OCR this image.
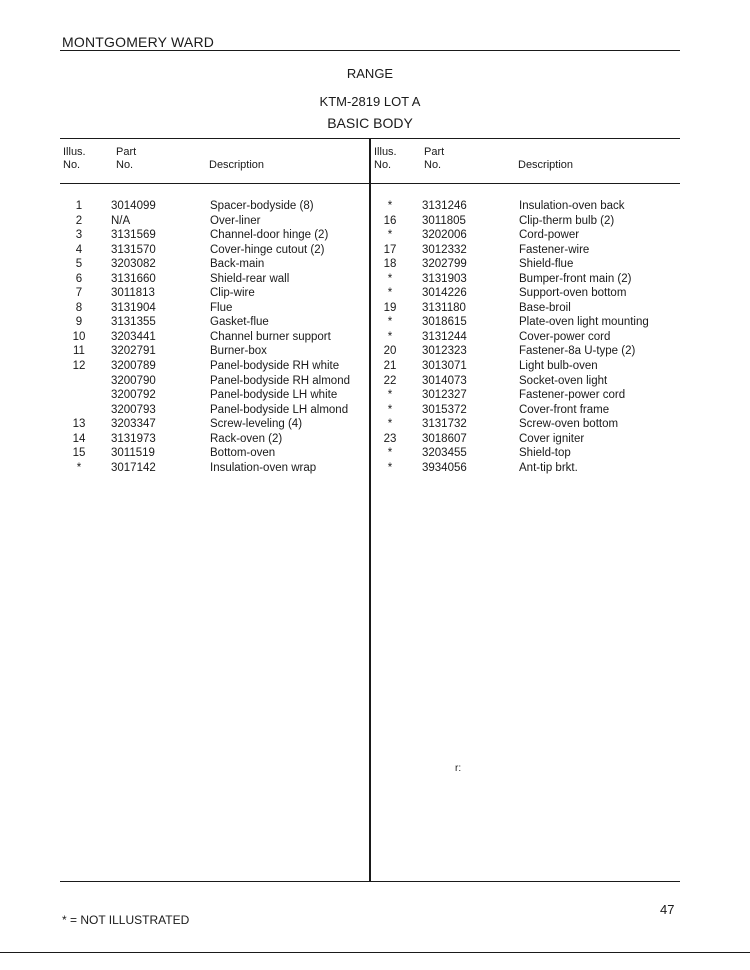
MONTGOMERY WARD
RANGE
KTM-2819 LOT A
BASIC BODY
Illus.
No.
Part
No.	Description
Illus.
No.
Part
No.	Description
1	3014099	Spacer-bodyside (8)
2	N/A	Over-liner
3	3131569	Channel-door hinge (2)
4	3131570	Cover-hinge cutout (2)
5	3203082	Back-main
6	3131660	Shield-rear wall
7	3011813	Clip-wire
8	3131904	Flue
9	3131355	Gasket-flue
10	3203441	Channel burner support
11	3202791	Burner-box
12	3200789	Panel-bodyside RH white
3200790	Panel-bodyside RH almond
3200792	Panel-bodyside LH white
3200793	Panel-bodyside LH almond
13	3203347	Screw-leveling (4)
14	3131973	Rack-oven (2)
15	3011519	Bottom-oven
*	3017142	Insulation-oven wrap
*	3131246	Insulation-oven back
16	3011805	Clip-therm bulb (2)
*	3202006	Cord-power
17	3012332	Fastener-wire
18	3202799	Shield-flue
*	3131903	Bumper-front main (2)
*	3014226	Support-oven bottom
19	3131180	Base-broil
*	3018615	Plate-oven light mounting
*	3131244	Cover-power cord
20	3012323	Fastener-8a U-type (2)
21	3013071	Light bulb-oven
22	3014073	Socket-oven light
*	3012327	Fastener-power cord
*	3015372	Cover-front frame
*	3131732	Screw-oven bottom
23	3018607	Cover igniter
*	3203455	Shield-top
*	3934056	Ant-tip brkt.
r:
* = NOT ILLUSTRATED
47
